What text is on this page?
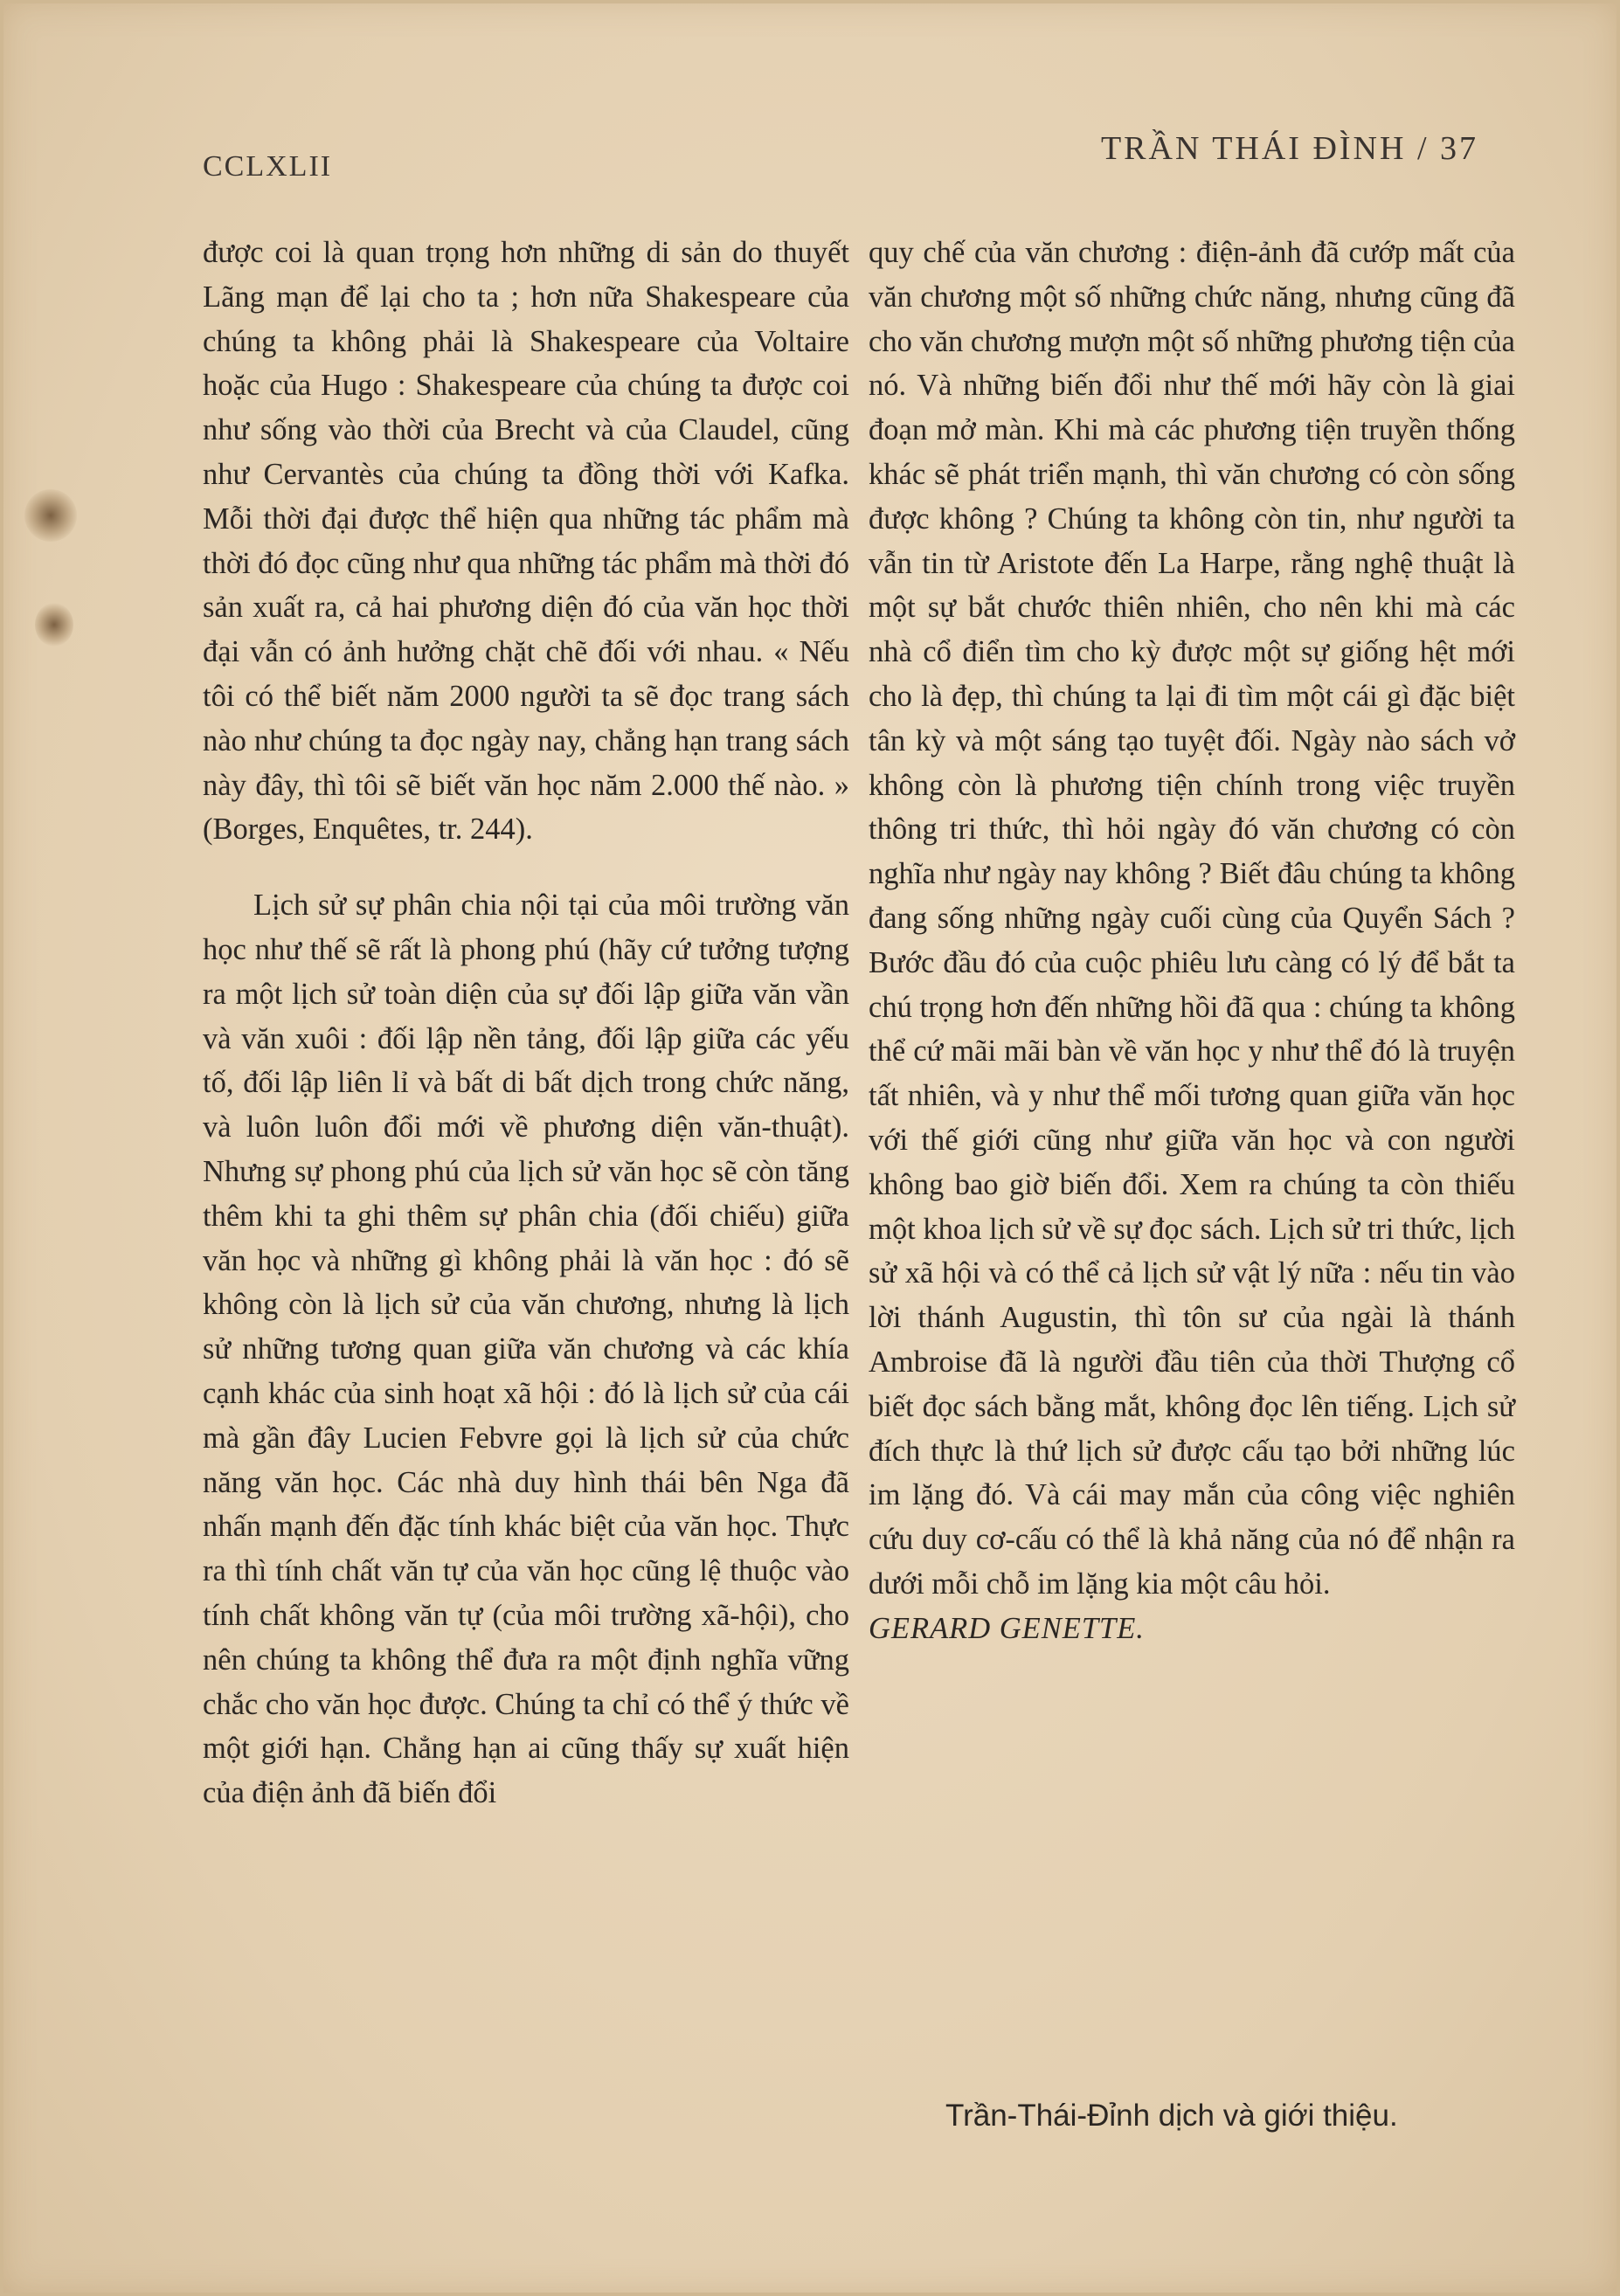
CCLXLII	TRẦN THÁI ĐÌNH / 37

được coi là quan trọng hơn những di sản do thuyết Lãng mạn để lại cho ta ; hơn nữa Shakespeare của chúng ta không phải là Shakespeare của Voltaire hoặc của Hugo : Shakespeare của chúng ta được coi như sống vào thời của Brecht và của Claudel, cũng như Cervantès của chúng ta đồng thời với Kafka. Mỗi thời đại được thể hiện qua những tác phẩm mà thời đó đọc cũng như qua những tác phẩm mà thời đó sản xuất ra, cả hai phương diện đó của văn học thời đại vẫn có ảnh hưởng chặt chẽ đối với nhau. « Nếu tôi có thể biết năm 2000 người ta sẽ đọc trang sách nào như chúng ta đọc ngày nay, chẳng hạn trang sách này đây, thì tôi sẽ biết văn học năm 2.000 thế nào. » (Borges, Enquêtes, tr. 244).

Lịch sử sự phân chia nội tại của môi trường văn học như thế sẽ rất là phong phú (hãy cứ tưởng tượng ra một lịch sử toàn diện của sự đối lập giữa văn vần và văn xuôi : đối lập nền tảng, đối lập giữa các yếu tố, đối lập liên lỉ và bất di bất dịch trong chức năng, và luôn luôn đổi mới về phương diện văn-thuật). Nhưng sự phong phú của lịch sử văn học sẽ còn tăng thêm khi ta ghi thêm sự phân chia (đối chiếu) giữa văn học và những gì không phải là văn học : đó sẽ không còn là lịch sử của văn chương, nhưng là lịch sử những tương quan giữa văn chương và các khía cạnh khác của sinh hoạt xã hội : đó là lịch sử của cái mà gần đây Lucien Febvre gọi là lịch sử của chức năng văn học. Các nhà duy hình thái bên Nga đã nhấn mạnh đến đặc tính khác biệt của văn học. Thực ra thì tính chất văn tự của văn học cũng lệ thuộc vào tính chất không văn tự (của môi trường xã-hội), cho nên chúng ta không thể đưa ra một định nghĩa vững chắc cho văn học được. Chúng ta chỉ có thể ý thức về một giới hạn. Chẳng hạn ai cũng thấy sự xuất hiện của điện ảnh đã biến đổi

quy chế của văn chương : điện-ảnh đã cướp mất của văn chương một số những chức năng, nhưng cũng đã cho văn chương mượn một số những phương tiện của nó. Và những biến đổi như thế mới hãy còn là giai đoạn mở màn. Khi mà các phương tiện truyền thống khác sẽ phát triển mạnh, thì văn chương có còn sống được không ? Chúng ta không còn tin, như người ta vẫn tin từ Aristote đến La Harpe, rằng nghệ thuật là một sự bắt chước thiên nhiên, cho nên khi mà các nhà cổ điển tìm cho kỳ được một sự giống hệt mới cho là đẹp, thì chúng ta lại đi tìm một cái gì đặc biệt tân kỳ và một sáng tạo tuyệt đối. Ngày nào sách vở không còn là phương tiện chính trong việc truyền thông tri thức, thì hỏi ngày đó văn chương có còn nghĩa như ngày nay không ? Biết đâu chúng ta không đang sống những ngày cuối cùng của Quyển Sách ? Bước đầu đó của cuộc phiêu lưu càng có lý để bắt ta chú trọng hơn đến những hồi đã qua : chúng ta không thể cứ mãi mãi bàn về văn học y như thể đó là truyện tất nhiên, và y như thể mối tương quan giữa văn học với thế giới cũng như giữa văn học và con người không bao giờ biến đổi. Xem ra chúng ta còn thiếu một khoa lịch sử về sự đọc sách. Lịch sử tri thức, lịch sử xã hội và có thể cả lịch sử vật lý nữa : nếu tin vào lời thánh Augustin, thì tôn sư của ngài là thánh Ambroise đã là người đầu tiên của thời Thượng cổ biết đọc sách bằng mắt, không đọc lên tiếng. Lịch sử đích thực là thứ lịch sử được cấu tạo bởi những lúc im lặng đó. Và cái may mắn của công việc nghiên cứu duy cơ-cấu có thể là khả năng của nó để nhận ra dưới mỗi chỗ im lặng kia một câu hỏi.

GERARD GENETTE.

Trần-Thái-Đỉnh dịch và giới thiệu.
